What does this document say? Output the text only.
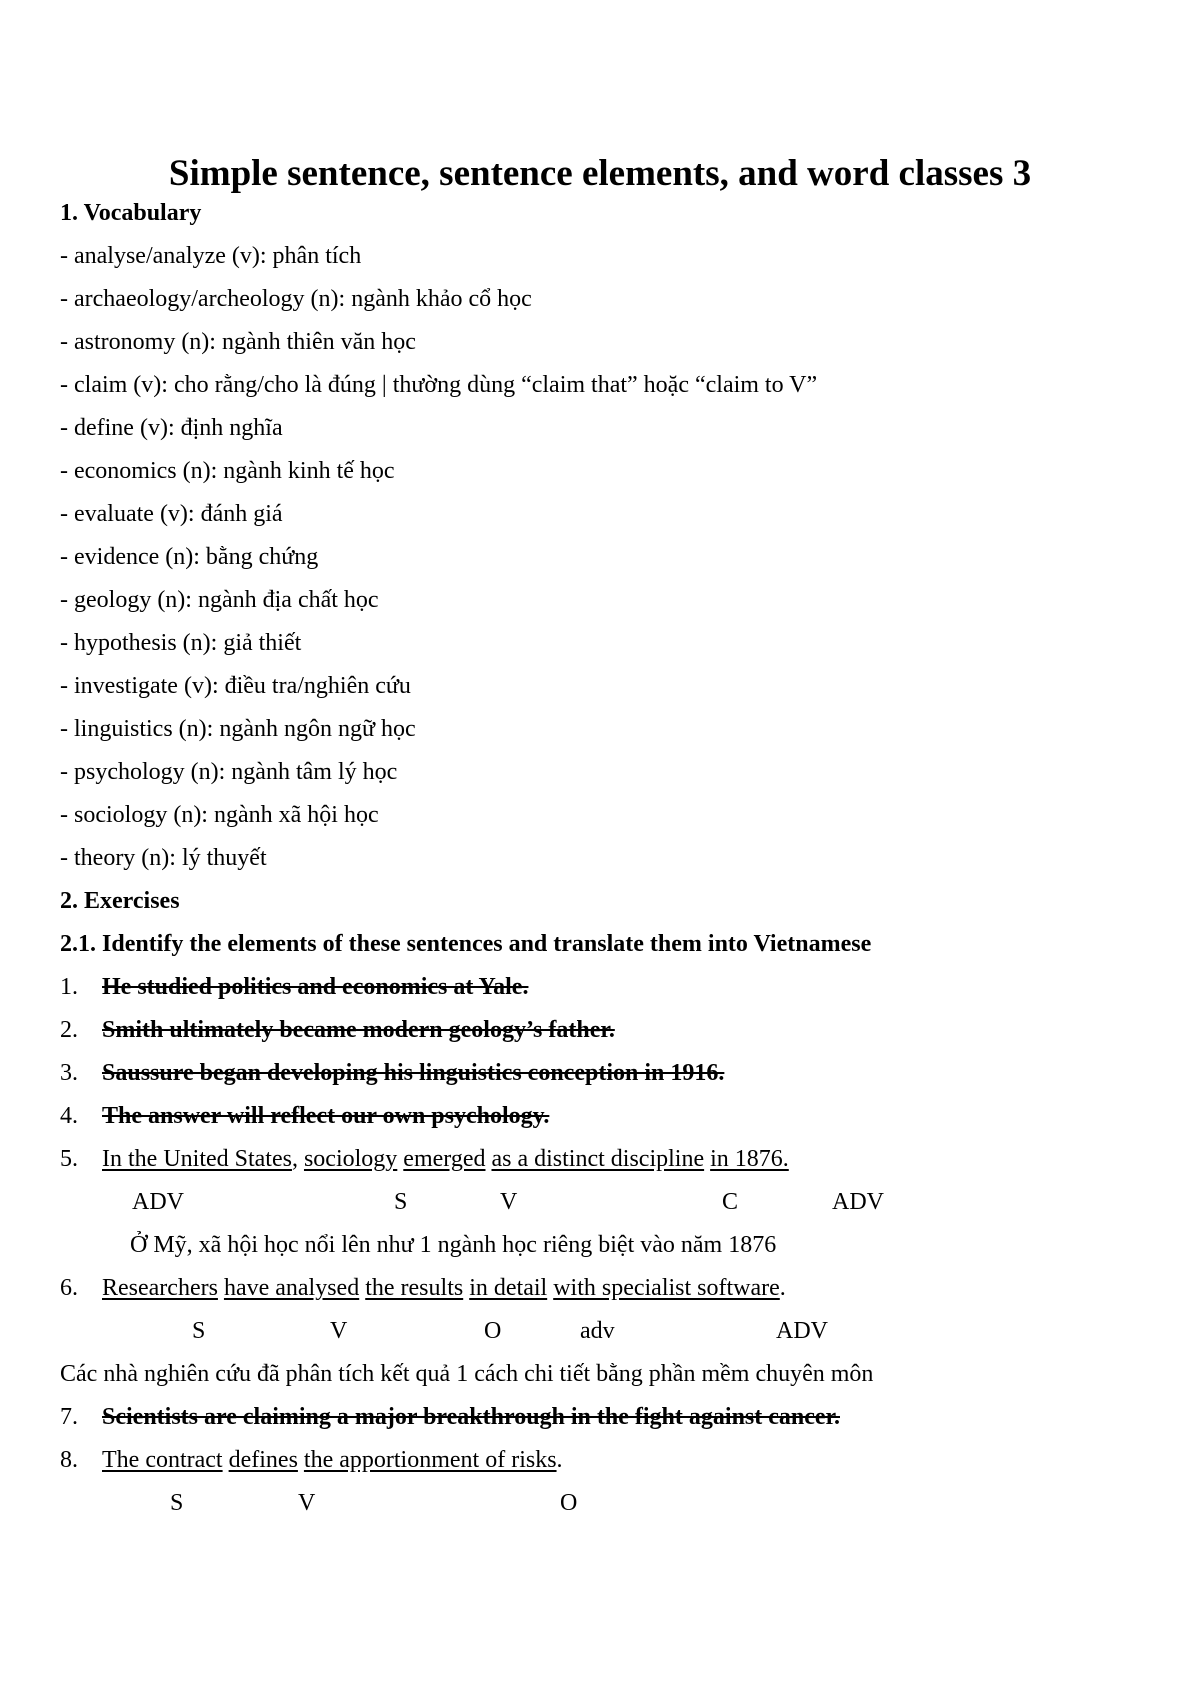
Simple sentence, sentence elements, and word classes 3
1. Vocabulary
- analyse/analyze (v): phân tích
- archaeology/archeology (n): ngành khảo cổ học
- astronomy (n): ngành thiên văn học
- claim (v): cho rằng/cho là đúng | thường dùng “claim that” hoặc “claim to V”
- define (v): định nghĩa
- economics (n): ngành kinh tế học
- evaluate (v): đánh giá
- evidence (n): bằng chứng
- geology (n): ngành địa chất học
- hypothesis (n): giả thiết
- investigate (v): điều tra/nghiên cứu
- linguistics (n): ngành ngôn ngữ học
- psychology (n): ngành tâm lý học
- sociology (n): ngành xã hội học
- theory (n): lý thuyết
2. Exercises
2.1. Identify the elements of these sentences and translate them into Vietnamese
1. He studied politics and economics at Yale.
2. Smith ultimately became modern geology’s father.
3. Saussure began developing his linguistics conception in 1916.
4. The answer will reflect our own psychology.
5. In the United States, sociology emerged as a distinct discipline in 1876.
ADV	S	V	C	ADV
Ở Mỹ, xã hội học nổi lên như 1 ngành học riêng biệt vào năm 1876
6. Researchers have analysed the results in detail with specialist software.
S	V	O	adv	ADV
Các nhà nghiên cứu đã phân tích kết quả 1 cách chi tiết bằng phần mềm chuyên môn
7. Scientists are claiming a major breakthrough in the fight against cancer.
8. The contract defines the apportionment of risks.
S	V	O
